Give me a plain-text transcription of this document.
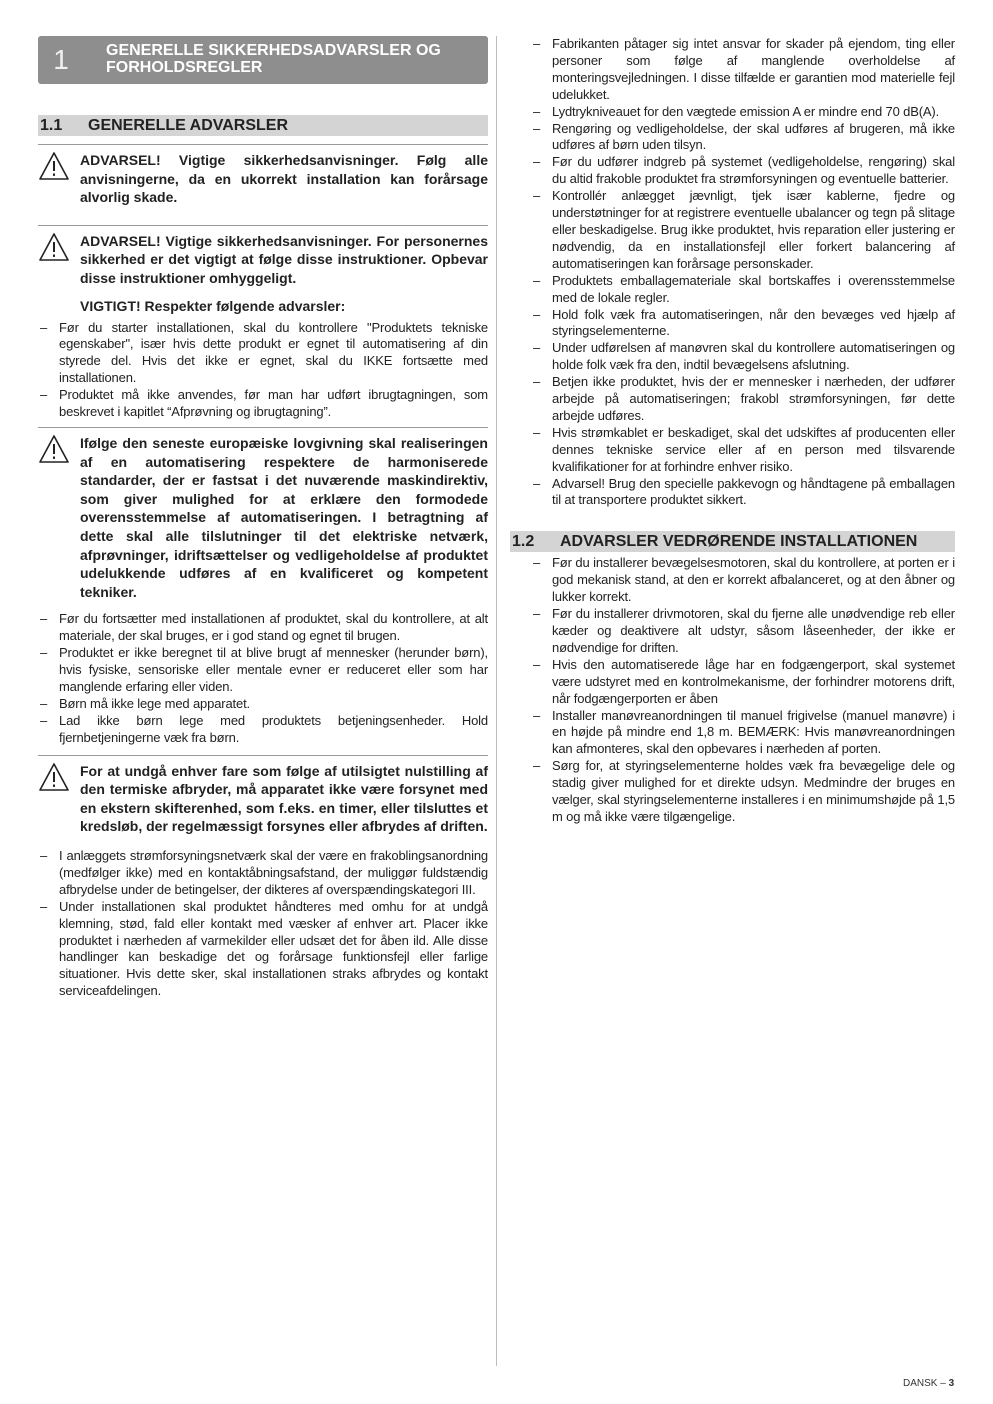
1	GENERELLE SIKKERHEDSADVARSLER OG FORHOLDSREGLER
1.1	GENERELLE ADVARSLER

ADVARSEL! Vigtige sikkerhedsanvisninger. Følg alle anvisningerne, da en ukorrekt installation kan forårsage alvorlig skade.

ADVARSEL! Vigtige sikkerhedsanvisninger. For personernes sikkerhed er det vigtigt at følge disse instruktioner. Opbevar disse instruktioner omhyggeligt.

VIGTIGT! Respekter følgende advarsler:

– Før du starter installationen, skal du kontrollere "Produktets tekniske egenskaber", især hvis dette produkt er egnet til automatisering af din styrede del. Hvis det ikke er egnet, skal du IKKE fortsætte med installationen.
– Produktet må ikke anvendes, før man har udført ibrugtagningen, som beskrevet i kapitlet “Afprøvning og ibrugtagning”.

Ifølge den seneste europæiske lovgivning skal realiseringen af en automatisering respektere de harmoniserede standarder, der er fastsat i det nuværende maskindirektiv, som giver mulighed for at erklære den formodede overensstemmelse af automatiseringen. I betragtning af dette skal alle tilslutninger til det elektriske netværk, afprøvninger, idriftsættelser og vedligeholdelse af produktet udelukkende udføres af en kvalificeret og kompetent tekniker.

– Før du fortsætter med installationen af produktet, skal du kontrollere, at alt materiale, der skal bruges, er i god stand og egnet til brugen.
– Produktet er ikke beregnet til at blive brugt af mennesker (herunder børn), hvis fysiske, sensoriske eller mentale evner er reduceret eller som har manglende erfaring eller viden.
– Børn må ikke lege med apparatet.
– Lad ikke børn lege med produktets betjeningsenheder. Hold fjernbetjeningerne væk fra børn.

For at undgå enhver fare som følge af utilsigtet nulstilling af den termiske afbryder, må apparatet ikke være forsynet med en ekstern skifterenhed, som f.eks. en timer, eller tilsluttes et kredsløb, der regelmæssigt forsynes eller afbrydes af driften.

– I anlæggets strømforsyningsnetværk skal der være en frakoblingsanordning (medfølger ikke) med en kontaktåbningsafstand, der muliggør fuldstændig afbrydelse under de betingelser, der dikteres af overspændingskategori III.
– Under installationen skal produktet håndteres med omhu for at undgå klemning, stød, fald eller kontakt med væsker af enhver art. Placer ikke produktet i nærheden af varmekilder eller udsæt det for åben ild. Alle disse handlinger kan beskadige det og forårsage funktionsfejl eller farlige situationer. Hvis dette sker, skal installationen straks afbrydes og kontakt serviceafdelingen.
– Fabrikanten påtager sig intet ansvar for skader på ejendom, ting eller personer som følge af manglende overholdelse af monteringsvejledningen. I disse tilfælde er garantien mod materielle fejl udelukket.
– Lydtrykniveauet for den vægtede emission A er mindre end 70 dB(A).
– Rengøring og vedligeholdelse, der skal udføres af brugeren, må ikke udføres af børn uden tilsyn.
– Før du udfører indgreb på systemet (vedligeholdelse, rengøring) skal du altid frakoble produktet fra strømforsyningen og eventuelle batterier.
– Kontrollér anlægget jævnligt, tjek især kablerne, fjedre og understøtninger for at registrere eventuelle ubalancer og tegn på slitage eller beskadigelse. Brug ikke produktet, hvis reparation eller justering er nødvendig, da en installationsfejl eller forkert balancering af automatiseringen kan forårsage personskader.
– Produktets emballagemateriale skal bortskaffes i overensstemmelse med de lokale regler.
– Hold folk væk fra automatiseringen, når den bevæges ved hjælp af styringselementerne.
– Under udførelsen af manøvren skal du kontrollere automatiseringen og holde folk væk fra den, indtil bevægelsens afslutning.
– Betjen ikke produktet, hvis der er mennesker i nærheden, der udfører arbejde på automatiseringen; frakobl strømforsyningen, før dette arbejde udføres.
– Hvis strømkablet er beskadiget, skal det udskiftes af producenten eller dennes tekniske service eller af en person med tilsvarende kvalifikationer for at forhindre enhver risiko.
– Advarsel! Brug den specielle pakkevogn og håndtagene på emballagen til at transportere produktet sikkert.
1.2	ADVARSLER VEDRØRENDE INSTALLATIONEN
– Før du installerer bevægelsesmotoren, skal du kontrollere, at porten er i god mekanisk stand, at den er korrekt afbalanceret, og at den åbner og lukker korrekt.
– Før du installerer drivmotoren, skal du fjerne alle unødvendige reb eller kæder og deaktivere alt udstyr, såsom låseenheder, der ikke er nødvendige for driften.
– Hvis den automatiserede låge har en fodgængerport, skal systemet være udstyret med en kontrolmekanisme, der forhindrer motorens drift, når fodgængerporten er åben
– Installer manøvreanordningen til manuel frigivelse (manuel manøvre) i en højde på mindre end 1,8 m. BEMÆRK: Hvis manøvreanordningen kan afmonteres, skal den opbevares i nærheden af porten.
– Sørg for, at styringselementerne holdes væk fra bevægelige dele og stadig giver mulighed for et direkte udsyn. Medmindre der bruges en vælger, skal styringselementerne installeres i en minimumshøjde på 1,5 m og må ikke være tilgængelige.
DANSK – 3
